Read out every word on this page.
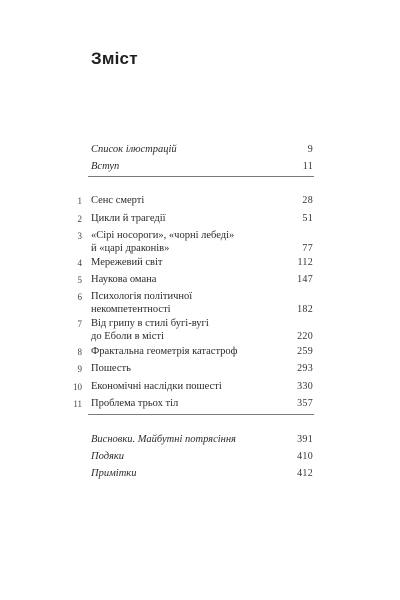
Зміст
Список ілюстрацій	9
Вступ	11
1 Сенс смерті	28
2 Цикли й трагедії	51
3 «Сірі носороги», «чорні лебеді»
й «царі драконів»	77
4 Мережевий світ	112
5 Наукова омана	147
6 Психологія політичної
некомпетентності	182
7 Від грипу в стилі бугі-вугі
до Еболи в місті	220
8 Фрактальна геометрія катастроф	259
9 Пошесть	293
10 Економічні наслідки пошесті	330
11 Проблема трьох тіл	357
Висновки. Майбутні потрясіння	391
Подяки	410
Примітки	412
